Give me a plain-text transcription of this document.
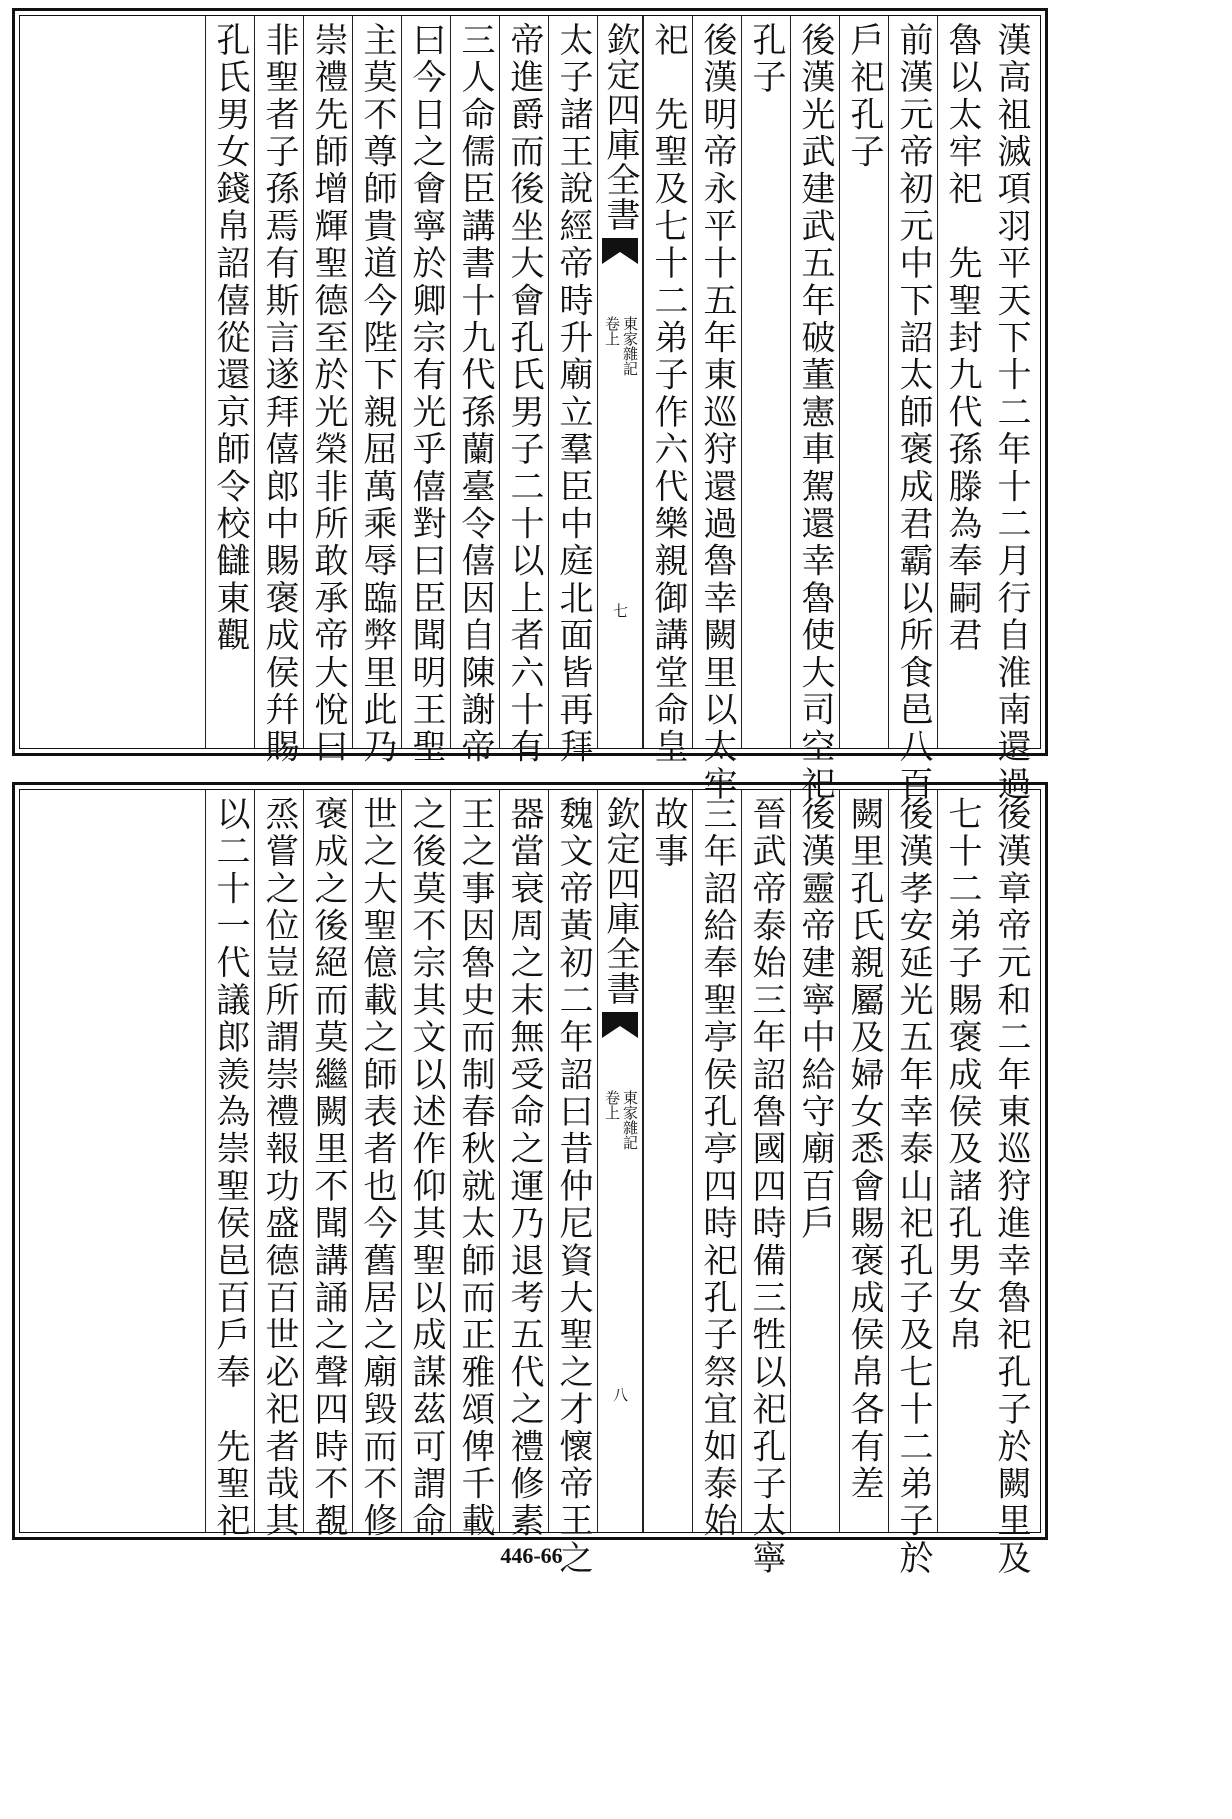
漢高祖滅項羽平天下十二年十二月行自淮南還過
魯以太牢祀　先聖封九代孫滕為奉嗣君
前漢元帝初元中下詔太師褒成君霸以所食邑八百
戶祀孔子
後漢光武建武五年破董憲車駕還幸魯使大司空祀
孔子
後漢明帝永平十五年東巡狩還過魯幸闕里以太牢
祀　先聖及七十二弟子作六代樂親御講堂命皇
欽定四庫全書
東家雜記
卷上
七
太子諸王說經帝時升廟立羣臣中庭北面皆再拜
帝進爵而後坐大會孔氏男子二十以上者六十有
三人命儒臣講書十九代孫蘭臺令僖因自陳謝帝
曰今日之會寧於卿宗有光乎僖對曰臣聞明王聖
主莫不尊師貴道今陛下親屈萬乘辱臨弊里此乃
崇禮先師增輝聖德至於光榮非所敢承帝大悅曰
非聖者子孫焉有斯言遂拜僖郎中賜褒成侯幷賜
孔氏男女錢帛詔僖從還京師令校讎東觀
後漢章帝元和二年東巡狩進幸魯祀孔子於闕里及
七十二弟子賜褒成侯及諸孔男女帛
後漢孝安延光五年幸泰山祀孔子及七十二弟子於
闕里孔氏親屬及婦女悉會賜褒成侯帛各有差
後漢靈帝建寧中給守廟百戶
晉武帝泰始三年詔魯國四時備三牲以祀孔子太寧
三年詔給奉聖亭侯孔亭四時祀孔子祭宜如泰始
故事
欽定四庫全書
東家雜記
卷上
八
魏文帝黃初二年詔曰昔仲尼資大聖之才懷帝王之
器當衰周之末無受命之運乃退考五代之禮修素
王之事因魯史而制春秋就太師而正雅頌俾千載
之後莫不宗其文以述作仰其聖以成謀茲可謂命
世之大聖億載之師表者也今舊居之廟毀而不修
褒成之後絕而莫繼闕里不聞講誦之聲四時不覩
烝嘗之位豈所謂崇禮報功盛德百世必祀者哉其
以二十一代議郎羨為崇聖侯邑百戶奉　先聖祀
446-66
